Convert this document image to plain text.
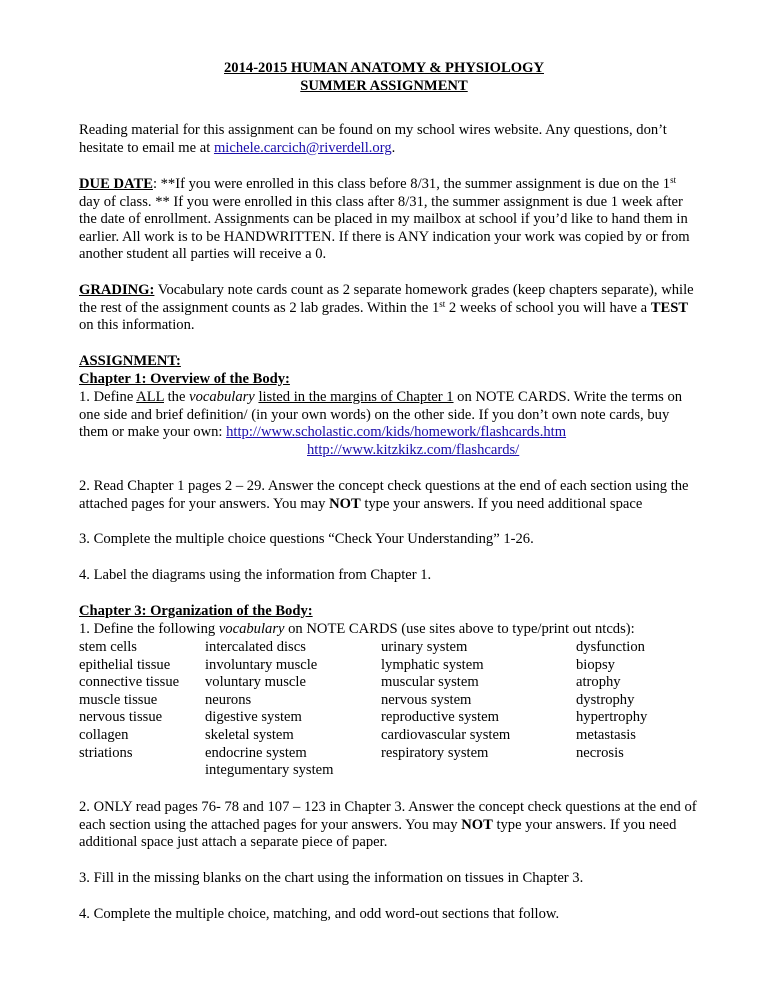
2014-2015 HUMAN ANATOMY & PHYSIOLOGY
SUMMER ASSIGNMENT

Reading material for this assignment can be found on my school wires website. Any questions, don’t hesitate to email me at michele.carcich@riverdell.org.

DUE DATE: **If you were enrolled in this class before 8/31, the summer assignment is due on the 1st day of class. ** If you were enrolled in this class after 8/31, the summer assignment is due 1 week after the date of enrollment. Assignments can be placed in my mailbox at school if you’d like to hand them in earlier. All work is to be HANDWRITTEN. If there is ANY indication your work was copied by or from another student all parties will receive a 0.

GRADING: Vocabulary note cards count as 2 separate homework grades (keep chapters separate), while the rest of the assignment counts as 2 lab grades. Within the 1st 2 weeks of school you will have a TEST on this information.

ASSIGNMENT:

Chapter 1: Overview of the Body:

1. Define ALL the vocabulary listed in the margins of Chapter 1 on NOTE CARDS. Write the terms on one side and brief definition/ (in your own words) on the other side. If you don’t own note cards, buy them or make your own: http://www.scholastic.com/kids/homework/flashcards.htm

http://www.kitzkikz.com/flashcards/

2. Read Chapter 1 pages 2 – 29. Answer the concept check questions at the end of each section using the attached pages for your answers. You may NOT type your answers. If you need additional space

3. Complete the multiple choice questions “Check Your Understanding” 1-26.

4. Label the diagrams using the information from Chapter 1.

Chapter 3: Organization of the Body:

1. Define the following vocabulary on NOTE CARDS (use sites above to type/print out ntcds):

stem cells	intercalated discs	urinary system	dysfunction
epithelial tissue	involuntary muscle	lymphatic system	biopsy
connective tissue	voluntary muscle	muscular system	atrophy
muscle tissue	neurons	nervous system	dystrophy
nervous tissue	digestive system	reproductive system	hypertrophy
collagen	skeletal system	cardiovascular system	metastasis
striations	endocrine system	respiratory system	necrosis
	integumentary system		

2. ONLY read pages 76- 78 and 107 – 123 in Chapter 3. Answer the concept check questions at the end of each section using the attached pages for your answers. You may NOT type your answers. If you need additional space just attach a separate piece of paper.

3. Fill in the missing blanks on the chart using the information on tissues in Chapter 3.

4. Complete the multiple choice, matching, and odd word-out sections that follow.
